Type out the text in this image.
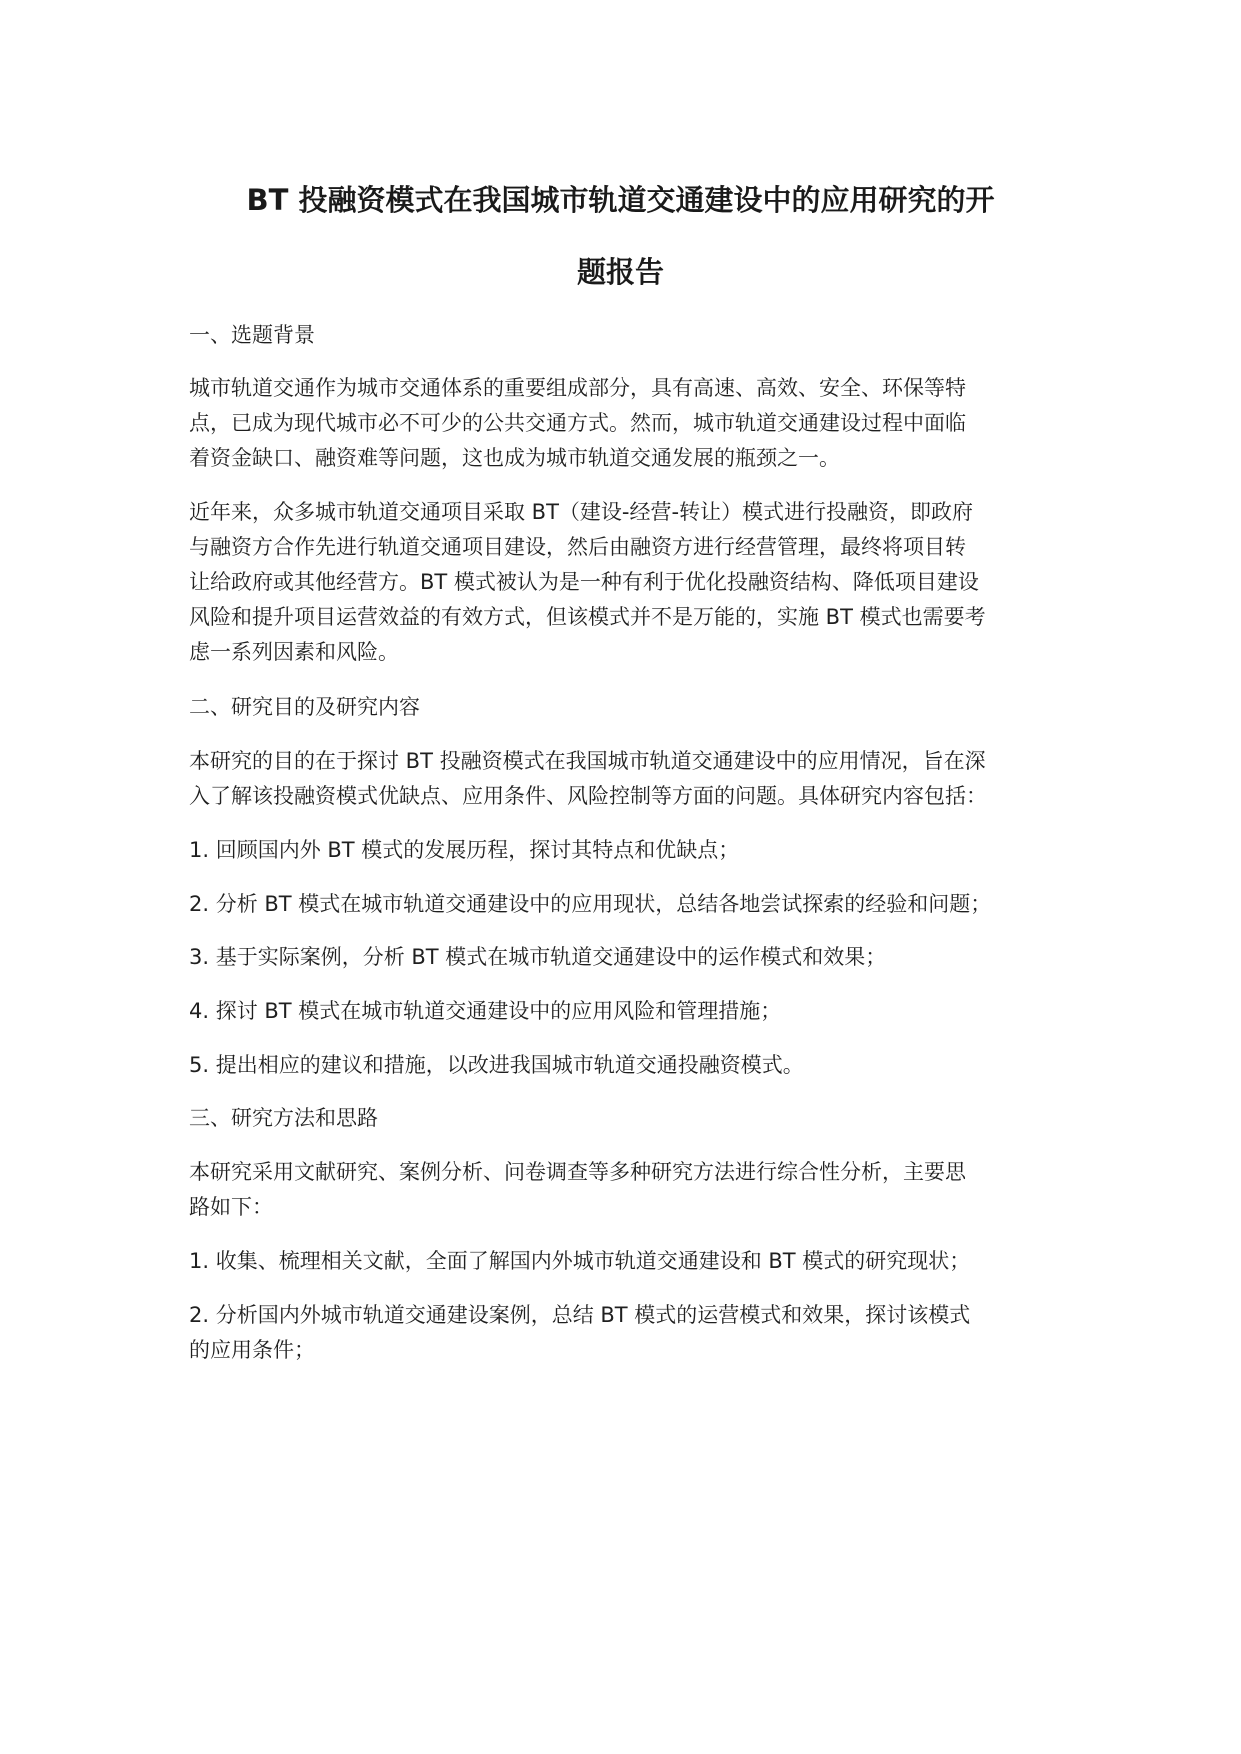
BT 投融资模式在我国城市轨道交通建设中的应用研究的开
题报告
一、选题背景
城市轨道交通作为城市交通体系的重要组成部分，具有高速、高效、安全、环保等特
点，已成为现代城市必不可少的公共交通方式。然而，城市轨道交通建设过程中面临
着资金缺口、融资难等问题，这也成为城市轨道交通发展的瓶颈之一。
近年来，众多城市轨道交通项目采取 BT（建设-经营-转让）模式进行投融资，即政府
与融资方合作先进行轨道交通项目建设，然后由融资方进行经营管理，最终将项目转
让给政府或其他经营方。BT 模式被认为是一种有利于优化投融资结构、降低项目建设
风险和提升项目运营效益的有效方式，但该模式并不是万能的，实施 BT 模式也需要考
虑一系列因素和风险。
二、研究目的及研究内容
本研究的目的在于探讨 BT 投融资模式在我国城市轨道交通建设中的应用情况，旨在深
入了解该投融资模式优缺点、应用条件、风险控制等方面的问题。具体研究内容包括：
1. 回顾国内外 BT 模式的发展历程，探讨其特点和优缺点；
2. 分析 BT 模式在城市轨道交通建设中的应用现状，总结各地尝试探索的经验和问题；
3. 基于实际案例，分析 BT 模式在城市轨道交通建设中的运作模式和效果；
4. 探讨 BT 模式在城市轨道交通建设中的应用风险和管理措施；
5. 提出相应的建议和措施，以改进我国城市轨道交通投融资模式。
三、研究方法和思路
本研究采用文献研究、案例分析、问卷调查等多种研究方法进行综合性分析，主要思
路如下：
1. 收集、梳理相关文献，全面了解国内外城市轨道交通建设和 BT 模式的研究现状；
2. 分析国内外城市轨道交通建设案例，总结 BT 模式的运营模式和效果，探讨该模式
的应用条件；
